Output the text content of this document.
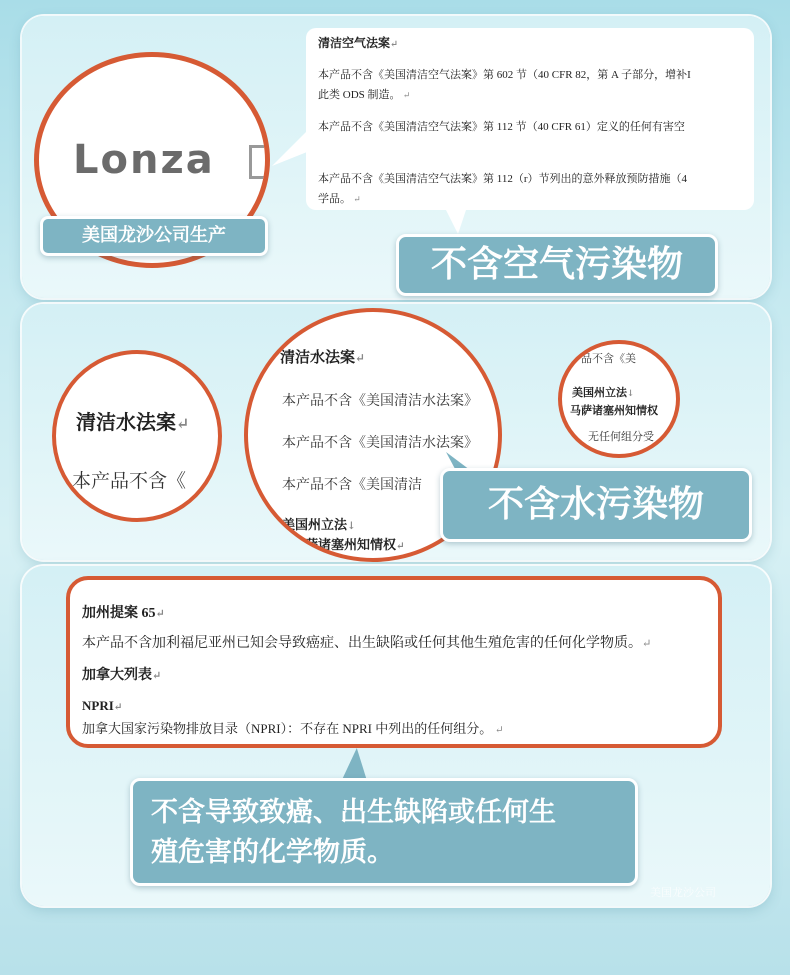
Lonza
美国龙沙公司生产
清洁空气法案↵
本产品不含《美国清洁空气法案》第 602 节（40 CFR 82，第 A 子部分，增补I
此类 ODS 制造。 ↵
本产品不含《美国清洁空气法案》第 112 节（40 CFR 61）定义的任何有害空
本产品不含《美国清洁空气法案》第 112（r）节列出的意外释放预防措施（4
学品。 ↵
不含空气污染物
清洁水法案↵
本产品不含《
清洁水法案↵
本产品不含《美国清洁水法案》
本产品不含《美国清洁水法案》
本产品不含《美国清洁
美国州立法↓
马萨诸塞州知情权↵
产品不含《美
美国州立法↓
马萨诸塞州知情权
无任何组分受
不含水污染物
加州提案 65↵
本产品不含加利福尼亚州已知会导致癌症、出生缺陷或任何其他生殖危害的任何化学物质。↵
加拿大列表↵
NPRI↵
加拿大国家污染物排放目录（NPRI）：不存在 NPRI 中列出的任何组分。 ↵
不含导致致癌、出生缺陷或任何生
殖危害的化学物质。
美国龙沙公司
